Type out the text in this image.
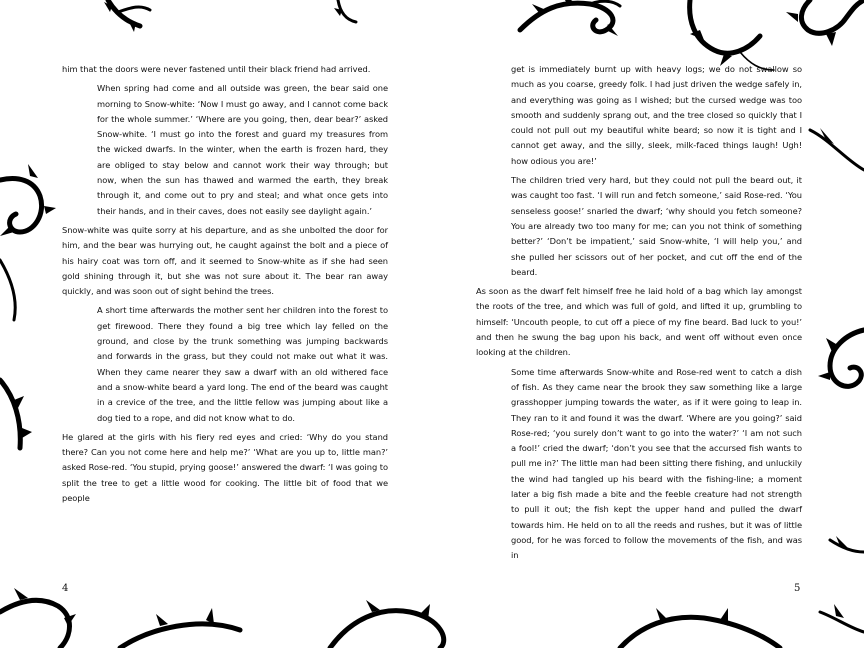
him that the doors were never fastened until their black friend had arrived.

When spring had come and all outside was green, the bear said one morning to Snow-white: ‘Now I must go away, and I cannot come back for the whole summer.’ ‘Where are you going, then, dear bear?’ asked Snow-white. ‘I must go into the forest and guard my treasures from the wicked dwarfs. In the winter, when the earth is frozen hard, they are obliged to stay below and cannot work their way through; but now, when the sun has thawed and warmed the earth, they break through it, and come out to pry and steal; and what once gets into their hands, and in their caves, does not easily see daylight again.’

Snow-white was quite sorry at his departure, and as she unbolted the door for him, and the bear was hurrying out, he caught against the bolt and a piece of his hairy coat was torn off, and it seemed to Snow-white as if she had seen gold shining through it, but she was not sure about it. The bear ran away quickly, and was soon out of sight behind the trees.

A short time afterwards the mother sent her children into the forest to get firewood. There they found a big tree which lay felled on the ground, and close by the trunk something was jumping backwards and forwards in the grass, but they could not make out what it was. When they came nearer they saw a dwarf with an old withered face and a snow-white beard a yard long. The end of the beard was caught in a crevice of the tree, and the little fellow was jumping about like a dog tied to a rope, and did not know what to do.

He glared at the girls with his fiery red eyes and cried: ‘Why do you stand there? Can you not come here and help me?’ ‘What are you up to, little man?’ asked Rose-red. ‘You stupid, prying goose!’ answered the dwarf: ‘I was going to split the tree to get a little wood for cooking. The little bit of food that we people

get is immediately burnt up with heavy logs; we do not swallow so much as you coarse, greedy folk. I had just driven the wedge safely in, and everything was going as I wished; but the cursed wedge was too smooth and suddenly sprang out, and the tree closed so quickly that I could not pull out my beautiful white beard; so now it is tight and I cannot get away, and the silly, sleek, milk-faced things laugh! Ugh! how odious you are!’

The children tried very hard, but they could not pull the beard out, it was caught too fast. ‘I will run and fetch someone,’ said Rose-red. ‘You senseless goose!’ snarled the dwarf; ‘why should you fetch someone? You are already two too many for me; can you not think of something better?’ ‘Don’t be impatient,’ said Snow-white, ‘I will help you,’ and she pulled her scissors out of her pocket, and cut off the end of the beard.

As soon as the dwarf felt himself free he laid hold of a bag which lay amongst the roots of the tree, and which was full of gold, and lifted it up, grumbling to himself: ‘Uncouth people, to cut off a piece of my fine beard. Bad luck to you!’ and then he swung the bag upon his back, and went off without even once looking at the children.

Some time afterwards Snow-white and Rose-red went to catch a dish of fish. As they came near the brook they saw something like a large grasshopper jumping towards the water, as if it were going to leap in. They ran to it and found it was the dwarf. ‘Where are you going?’ said Rose-red; ‘you surely don’t want to go into the water?’ ‘I am not such a fool!’ cried the dwarf; ‘don’t you see that the accursed fish wants to pull me in?’ The little man had been sitting there fishing, and unluckily the wind had tangled up his beard with the fishing-line; a moment later a big fish made a bite and the feeble creature had not strength to pull it out; the fish kept the upper hand and pulled the dwarf towards him. He held on to all the reeds and rushes, but it was of little good, for he was forced to follow the movements of the fish, and was in

4	5
